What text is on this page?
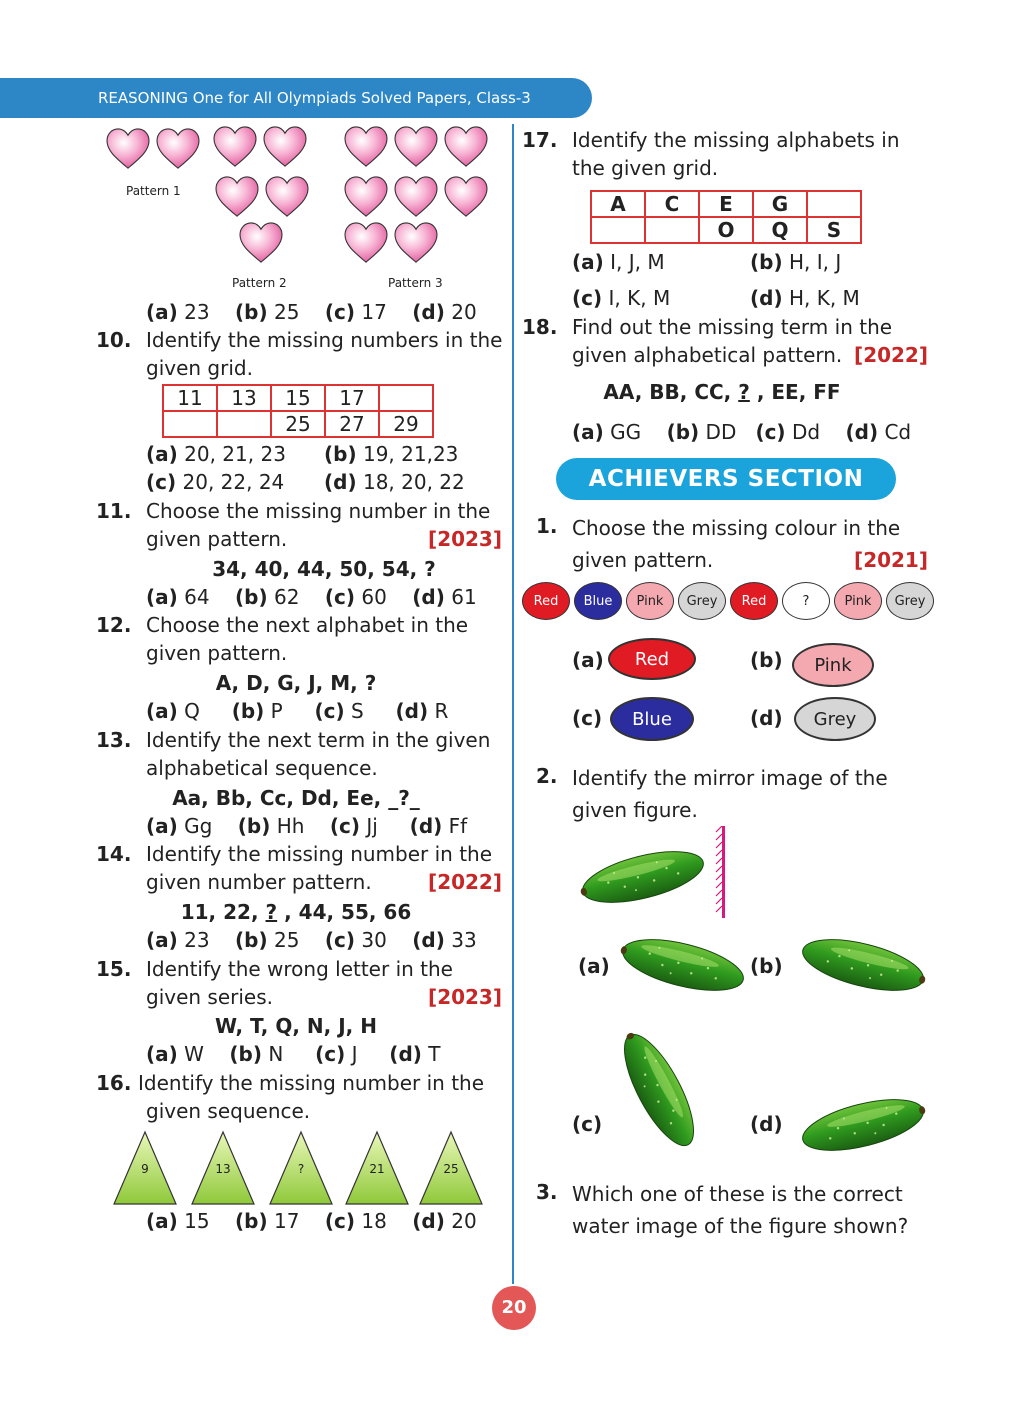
REASONING One for All Olympiads Solved Papers, Class-3
Pattern 1
Pattern 2	Pattern 3
(a) 23 (b) 25 (c) 17 (d) 20
10. Identify the missing numbers in the
given grid.
11	13	15	17	
		25	27	29
(a) 20, 21, 23 (b) 19, 21,23
(c) 20, 22, 24 (d) 18, 20, 22
11. Choose the missing number in the
given pattern.	[2023]
34, 40, 44, 50, 54, ?
(a) 64 (b) 62 (c) 60 (d) 61
12. Choose the next alphabet in the
given pattern.
A, D, G, J, M, ?
(a) Q (b) P (c) S (d) R
13. Identify the next term in the given
alphabetical sequence.
Aa, Bb, Cc, Dd, Ee, _?_
(a) Gg (b) Hh (c) Jj (d) Ff
14. Identify the missing number in the
given number pattern.	[2022]
11, 22, ? , 44, 55, 66
(a) 23 (b) 25 (c) 30 (d) 33
15. Identify the wrong letter in the
given series.	[2023]
W, T, Q, N, J, H
(a) W (b) N (c) J (d) T
16. Identify the missing number in the
given sequence.
9	13	?	21	25
(a) 15 (b) 17 (c) 18 (d) 20
17. Identify the missing alphabets in
the given grid.
A	C	E	G	
		O	Q	S
(a) I, J, M	(b) H, I, J
(c) I, K, M	(d) H, K, M
18. Find out the missing term in the
given alphabetical pattern. [2022]
AA, BB, CC, ? , EE, FF
(a) GG (b) DD (c) Dd (d) Cd
ACHIEVERS SECTION
1. Choose the missing colour in the
given pattern.	[2021]
Red Blue Pink Grey Red	?	Pink Grey
(a) Red	(b) Pink
(c) Blue	(d) Grey
2. Identify the mirror image of the
given figure.
(a)	(b)
(c)	(d)
3. Which one of these is the correct
water image of the figure shown?
20
